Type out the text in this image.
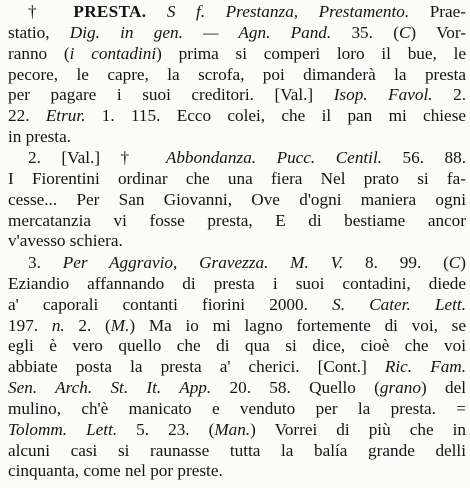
† PRESTA. S f. Prestanza, Prestamento. Prae-
statio, Dig. in gen. — Agn. Pand. 35. (C) Vor-
ranno (i contadini) prima si comperi loro il bue, le
pecore, le capre, la scrofa, poi dimanderà la presta
per pagare i suoi creditori. [Val.] Isop. Favol. 2.
22. Etrur. 1. 115. Ecco colei, che il pan mi chiese
in presta.
2. [Val.] † Abbondanza. Pucc. Centil. 56. 88.
I Fiorentini ordinar che una fiera Nel prato si fa-
cesse... Per San Giovanni, Ove d'ogni maniera ogni
mercatanzia vi fosse presta, E di bestiame ancor
v'avesso schiera.
3. Per Aggravio, Gravezza. M. V. 8. 99. (C)
Eziandio affannando di presta i suoi contadini, diede
a' caporali contanti fiorini 2000. S. Cater. Lett.
197. n. 2. (M.) Ma io mi lagno fortemente di voi, se
egli è vero quello che di qua si dice, cioè che voi
abbiate posta la presta a' cherici. [Cont.] Ric. Fam.
Sen. Arch. St. It. App. 20. 58. Quello (grano) del
mulino, ch'è manicato e venduto per la presta. =
Tolomm. Lett. 5. 23. (Man.) Vorrei di più che in
alcuni casi si raunasse tutta la balía grande delli
cinquanta, come nel por preste.
